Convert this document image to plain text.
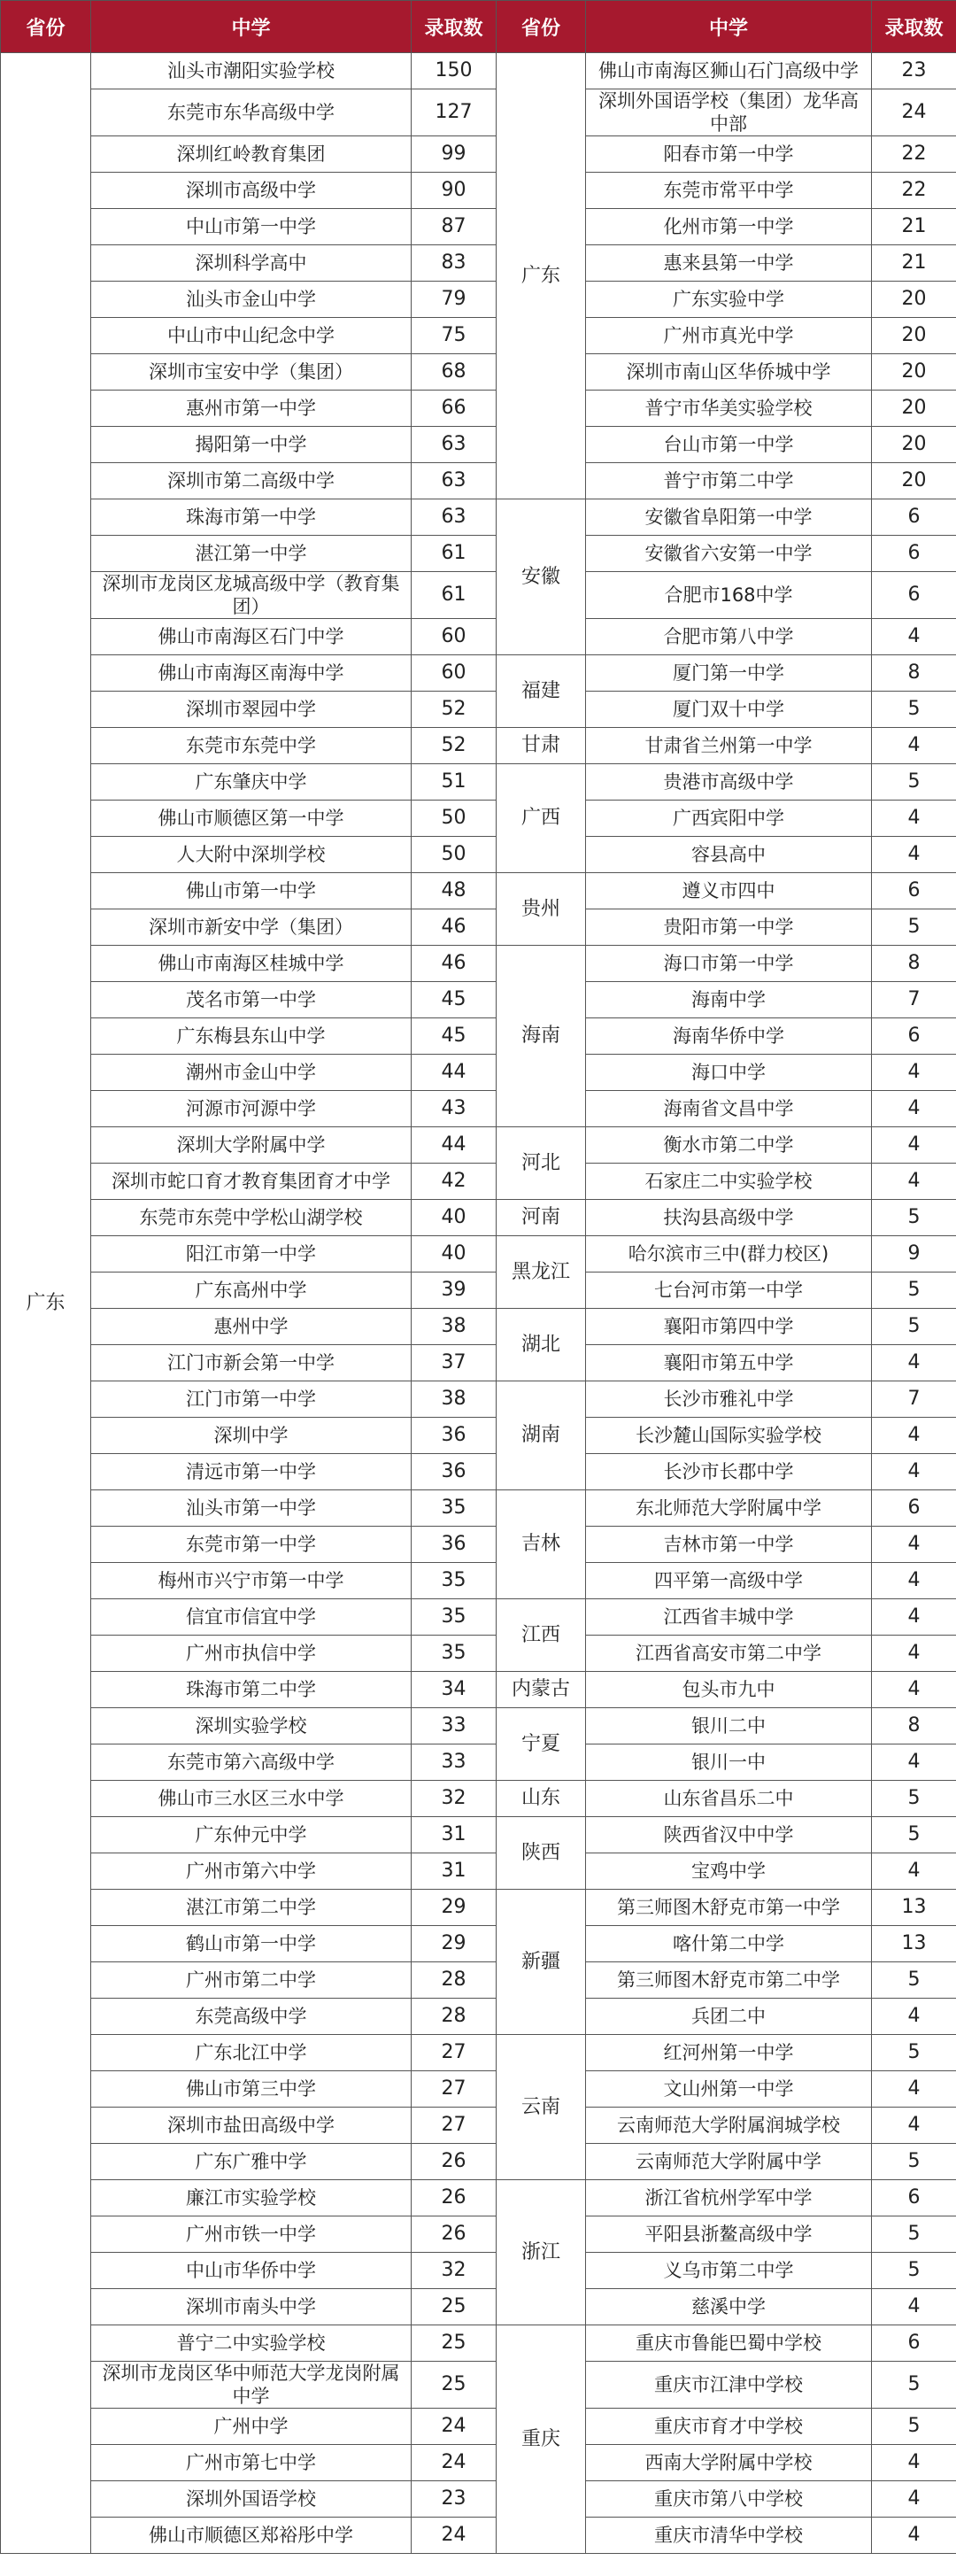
省份	中学	录取数	省份	中学	录取数
广东	汕头市潮阳实验学校	150	广东	佛山市南海区狮山石门高级中学	23
	东莞市东华高级中学	127		深圳外国语学校（集团）龙华高中部	24
	深圳红岭教育集团	99		阳春市第一中学	22
	深圳市高级中学	90		东莞市常平中学	22
	中山市第一中学	87		化州市第一中学	21
	深圳科学高中	83		惠来县第一中学	21
	汕头市金山中学	79		广东实验中学	20
	中山市中山纪念中学	75		广州市真光中学	20
	深圳市宝安中学（集团）	68		深圳市南山区华侨城中学	20
	惠州市第一中学	66		普宁市华美实验学校	20
	揭阳第一中学	63		台山市第一中学	20
	深圳市第二高级中学	63		普宁市第二中学	20
	珠海市第一中学	63	安徽	安徽省阜阳第一中学	6
	湛江第一中学	61		安徽省六安第一中学	6
	深圳市龙岗区龙城高级中学（教育集团）	61		合肥市168中学	6
	佛山市南海区石门中学	60		合肥市第八中学	4
	佛山市南海区南海中学	60	福建	厦门第一中学	8
	深圳市翠园中学	52		厦门双十中学	5
	东莞市东莞中学	52	甘肃	甘肃省兰州第一中学	4
	广东肇庆中学	51	广西	贵港市高级中学	5
	佛山市顺德区第一中学	50		广西宾阳中学	4
	人大附中深圳学校	50		容县高中	4
	佛山市第一中学	48	贵州	遵义市四中	6
	深圳市新安中学（集团）	46		贵阳市第一中学	5
	佛山市南海区桂城中学	46	海南	海口市第一中学	8
	茂名市第一中学	45		海南中学	7
	广东梅县东山中学	45		海南华侨中学	6
	潮州市金山中学	44		海口中学	4
	河源市河源中学	43		海南省文昌中学	4
	深圳大学附属中学	44	河北	衡水市第二中学	4
	深圳市蛇口育才教育集团育才中学	42		石家庄二中实验学校	4
	东莞市东莞中学松山湖学校	40	河南	扶沟县高级中学	5
	阳江市第一中学	40	黑龙江	哈尔滨市三中(群力校区)	9
	广东高州中学	39		七台河市第一中学	5
	惠州中学	38	湖北	襄阳市第四中学	5
	江门市新会第一中学	37		襄阳市第五中学	4
	江门市第一中学	38	湖南	长沙市雅礼中学	7
	深圳中学	36		长沙麓山国际实验学校	4
	清远市第一中学	36		长沙市长郡中学	4
	汕头市第一中学	35	吉林	东北师范大学附属中学	6
	东莞市第一中学	36		吉林市第一中学	4
	梅州市兴宁市第一中学	35		四平第一高级中学	4
	信宜市信宜中学	35	江西	江西省丰城中学	4
	广州市执信中学	35		江西省高安市第二中学	4
	珠海市第二中学	34	内蒙古	包头市九中	4
	深圳实验学校	33	宁夏	银川二中	8
	东莞市第六高级中学	33		银川一中	4
	佛山市三水区三水中学	32	山东	山东省昌乐二中	5
	广东仲元中学	31	陕西	陕西省汉中中学	5
	广州市第六中学	31		宝鸡中学	4
	湛江市第二中学	29	新疆	第三师图木舒克市第一中学	13
	鹤山市第一中学	29		喀什第二中学	13
	广州市第二中学	28		第三师图木舒克市第二中学	5
	东莞高级中学	28		兵团二中	4
	广东北江中学	27	云南	红河州第一中学	5
	佛山市第三中学	27		文山州第一中学	4
	深圳市盐田高级中学	27		云南师范大学附属润城学校	4
	广东广雅中学	26		云南师范大学附属中学	5
	廉江市实验学校	26	浙江	浙江省杭州学军中学	6
	广州市铁一中学	26		平阳县浙鳌高级中学	5
	中山市华侨中学	32		义乌市第二中学	5
	深圳市南头中学	25		慈溪中学	4
	普宁二中实验学校	25	重庆	重庆市鲁能巴蜀中学校	6
	深圳市龙岗区华中师范大学龙岗附属中学	25		重庆市江津中学校	5
	广州中学	24		重庆市育才中学校	5
	广州市第七中学	24		西南大学附属中学校	4
	深圳外国语学校	23		重庆市第八中学校	4
	佛山市顺德区郑裕彤中学	24		重庆市清华中学校	4
